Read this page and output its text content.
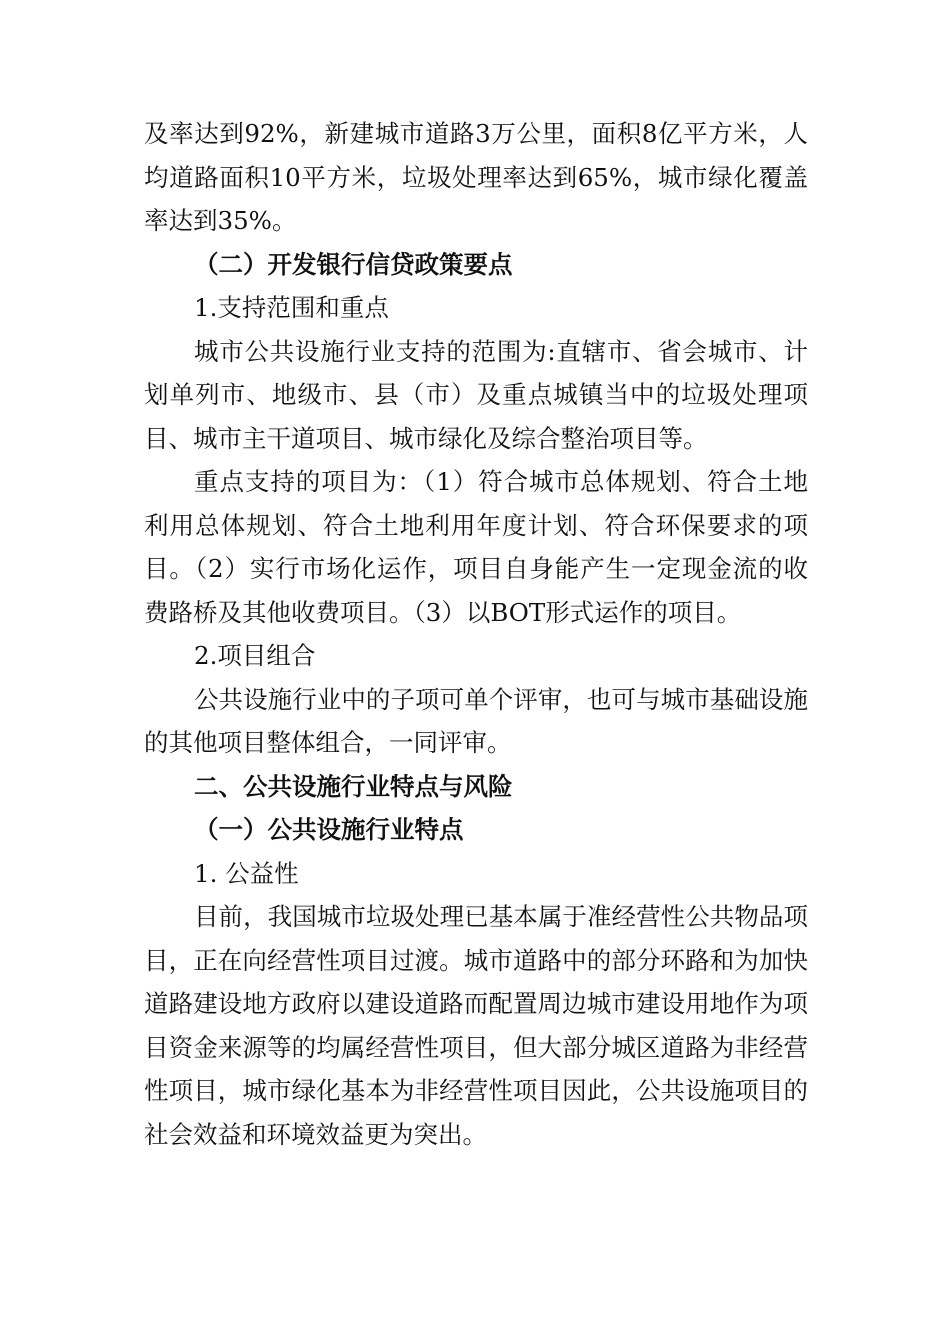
及率达到92%，新建城市道路3万公里，面积8亿平方米，人均道路面积10平方米，垃圾处理率达到65%，城市绿化覆盖率达到35%。

（二）开发银行信贷政策要点

1.支持范围和重点

城市公共设施行业支持的范围为:直辖市、省会城市、计划单列市、地级市、县（市）及重点城镇当中的垃圾处理项目、城市主干道项目、城市绿化及综合整治项目等。

重点支持的项目为：（1）符合城市总体规划、符合土地利用总体规划、符合土地利用年度计划、符合环保要求的项目。（2）实行市场化运作，项目自身能产生一定现金流的收费路桥及其他收费项目。（3）以BOT形式运作的项目。

2.项目组合

公共设施行业中的子项可单个评审，也可与城市基础设施的其他项目整体组合，一同评审。

二、公共设施行业特点与风险

（一）公共设施行业特点

1. 公益性

目前，我国城市垃圾处理已基本属于准经营性公共物品项目，正在向经营性项目过渡。城市道路中的部分环路和为加快道路建设地方政府以建设道路而配置周边城市建设用地作为项目资金来源等的均属经营性项目，但大部分城区道路为非经营性项目，城市绿化基本为非经营性项目因此，公共设施项目的社会效益和环境效益更为突出。
